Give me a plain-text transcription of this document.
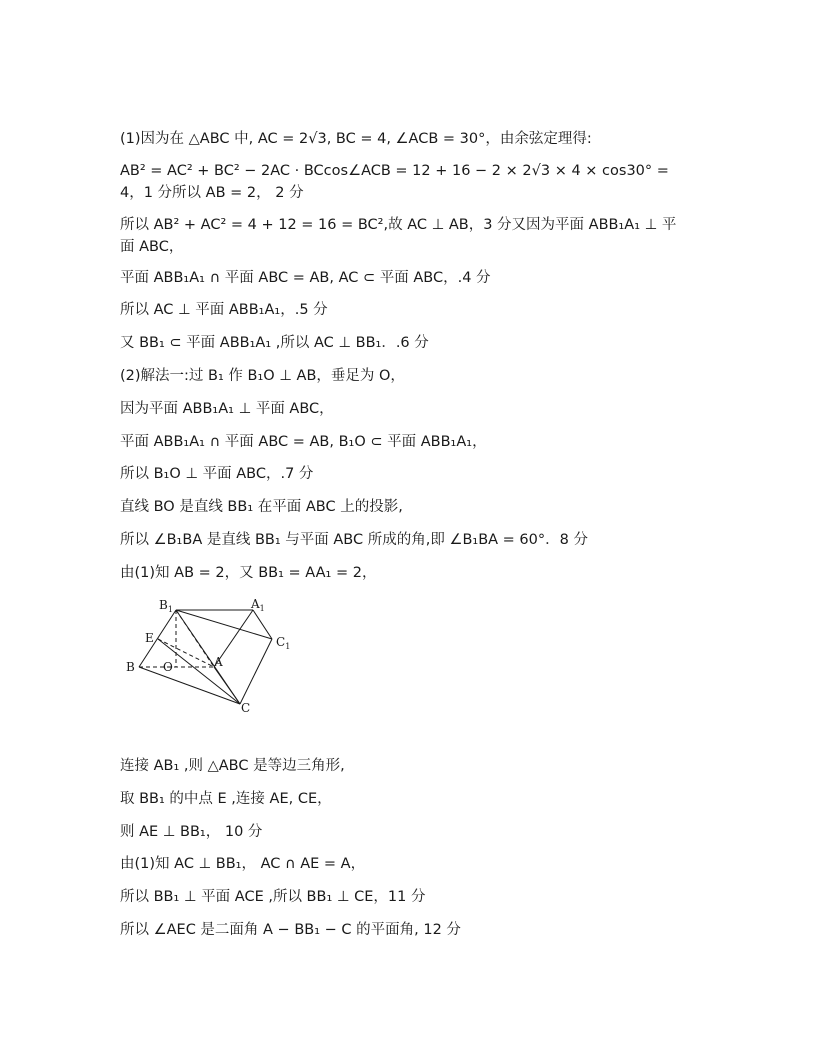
(1)因为在 △ABC 中, AC = 2√3, BC = 4, ∠ACB = 30°，由余弦定理得:
AB² = AC² + BC² − 2AC · BCcos∠ACB = 12 + 16 − 2 × 2√3 × 4 × cos30° = 4，1 分所以 AB = 2， 2 分
所以 AB² + AC² = 4 + 12 = 16 = BC²,故 AC ⊥ AB，3 分又因为平面 ABB₁A₁ ⊥ 平面 ABC，
平面 ABB₁A₁ ∩ 平面 ABC = AB, AC ⊂ 平面 ABC，.4 分
所以 AC ⊥ 平面 ABB₁A₁，.5 分
又 BB₁ ⊂ 平面 ABB₁A₁ ,所以 AC ⊥ BB₁．.6 分
(2)解法一:过 B₁ 作 B₁O ⊥ AB，垂足为 O，
因为平面 ABB₁A₁ ⊥ 平面 ABC，
平面 ABB₁A₁ ∩ 平面 ABC = AB, B₁O ⊂ 平面 ABB₁A₁，
所以 B₁O ⊥ 平面 ABC，.7 分
直线 BO 是直线 BB₁ 在平面 ABC 上的投影,
所以 ∠B₁BA 是直线 BB₁ 与平面 ABC 所成的角,即 ∠B₁BA = 60°．8 分
由(1)知 AB = 2，又 BB₁ = AA₁ = 2，
$B_1$	$A_1$
$C_1$
E
B O	A
C
连接 AB₁ ,则 △ABC 是等边三角形,
取 BB₁ 的中点 E ,连接 AE, CE，
则 AE ⊥ BB₁， 10 分
由(1)知 AC ⊥ BB₁， AC ∩ AE = A，
所以 BB₁ ⊥ 平面 ACE ,所以 BB₁ ⊥ CE，11 分
所以 ∠AEC 是二面角 A − BB₁ − C 的平面角, 12 分
